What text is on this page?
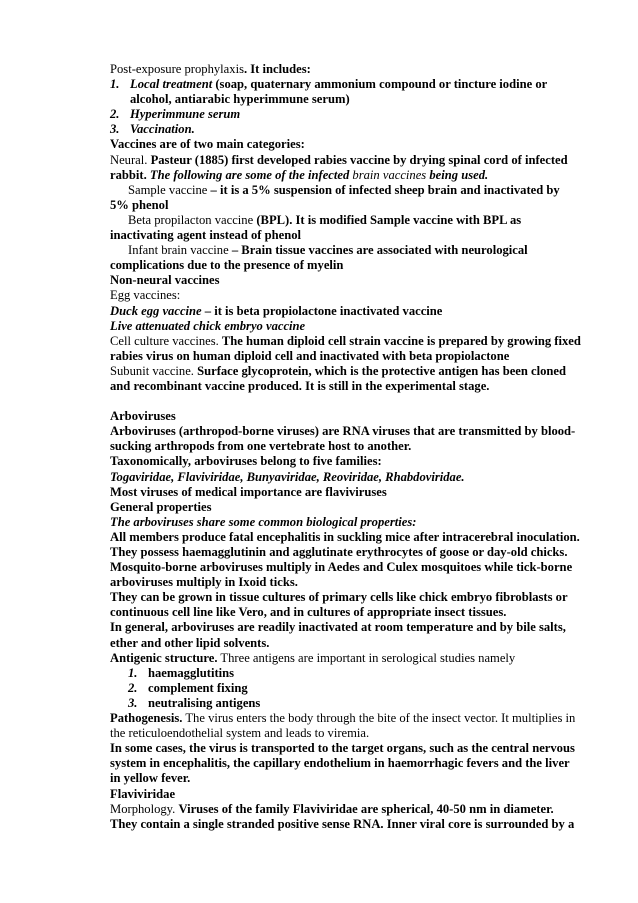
Post-exposure prophylaxis. It includes:
1. Local treatment (soap, quaternary ammonium compound or tincture iodine or
alcohol, antiarabic hyperimmune serum)
2. Hyperimmune serum
3. Vaccination.
Vaccines are of two main categories:
Neural. Pasteur (1885) first developed rabies vaccine by drying spinal cord of infected
rabbit. The following are some of the infected brain vaccines being used.
Sample vaccine – it is a 5% suspension of infected sheep brain and inactivated by
5% phenol
Beta propilacton vaccine (BPL). It is modified Sample vaccine with BPL as
inactivating agent instead of phenol
Infant brain vaccine – Brain tissue vaccines are associated with neurological
complications due to the presence of myelin
Non-neural vaccines
Egg vaccines:
Duck egg vaccine – it is beta propiolactone inactivated vaccine
Live attenuated chick embryo vaccine
Cell culture vaccines. The human diploid cell strain vaccine is prepared by growing fixed
rabies virus on human diploid cell and inactivated with beta propiolactone
Subunit vaccine. Surface glycoprotein, which is the protective antigen has been cloned
and recombinant vaccine produced. It is still in the experimental stage.
Arboviruses
Arboviruses (arthropod-borne viruses) are RNA viruses that are transmitted by blood-
sucking arthropods from one vertebrate host to another.
Taxonomically, arboviruses belong to five families:
Togaviridae, Flaviviridae, Bunyaviridae, Reoviridae, Rhabdoviridae.
Most viruses of medical importance are flaviviruses
General properties
The arboviruses share some common biological properties:
All members produce fatal encephalitis in suckling mice after intracerebral inoculation.
They possess haemagglutinin and agglutinate erythrocytes of goose or day-old chicks.
Mosquito-borne arboviruses multiply in Aedes and Culex mosquitoes while tick-borne
arboviruses multiply in Ixoid ticks.
They can be grown in tissue cultures of primary cells like chick embryo fibroblasts or
continuous cell line like Vero, and in cultures of appropriate insect tissues.
In general, arboviruses are readily inactivated at room temperature and by bile salts,
ether and other lipid solvents.
Antigenic structure. Three antigens are important in serological studies namely
1. haemagglutitins
2. complement fixing
3. neutralising antigens
Pathogenesis. The virus enters the body through the bite of the insect vector. It multiplies in
the reticuloendothelial system and leads to viremia.
In some cases, the virus is transported to the target organs, such as the central nervous
system in encephalitis, the capillary endothelium in haemorrhagic fevers and the liver
in yellow fever.
Flaviviridae
Morphology. Viruses of the family Flaviviridae are spherical, 40-50 nm in diameter.
They contain a single stranded positive sense RNA. Inner viral core is surrounded by a
